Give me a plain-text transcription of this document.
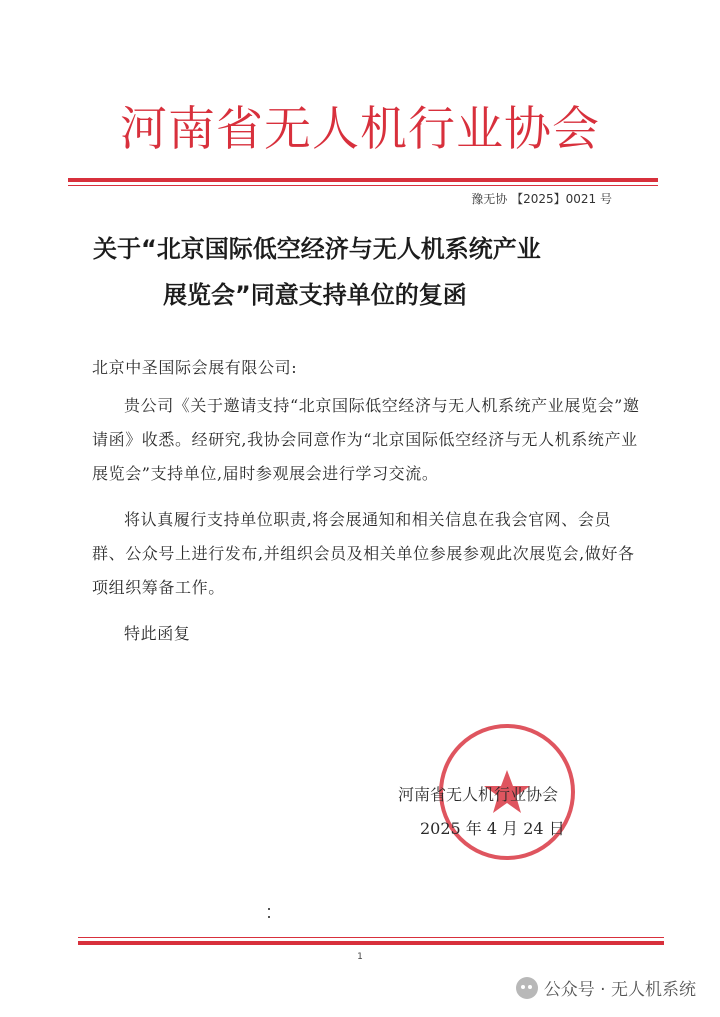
河南省无人机行业协会
豫无协 【2025】0021 号
关于“北京国际低空经济与无人机系统产业
展览会”同意支持单位的复函

北京中圣国际会展有限公司:

贵公司《关于邀请支持“北京国际低空经济与无人机系统产业展览会”邀请函》收悉。经研究,我协会同意作为“北京国际低空经济与无人机系统产业展览会”支持单位,届时参观展会进行学习交流。

将认真履行支持单位职责,将会展通知和相关信息在我会官网、会员群、公众号上进行发布,并组织会员及相关单位参展参观此次展览会,做好各项组织筹备工作。

特此函复

河南省无人机行业协会
2025 年 4 月 24 日
1
公众号 · 无人机系统
